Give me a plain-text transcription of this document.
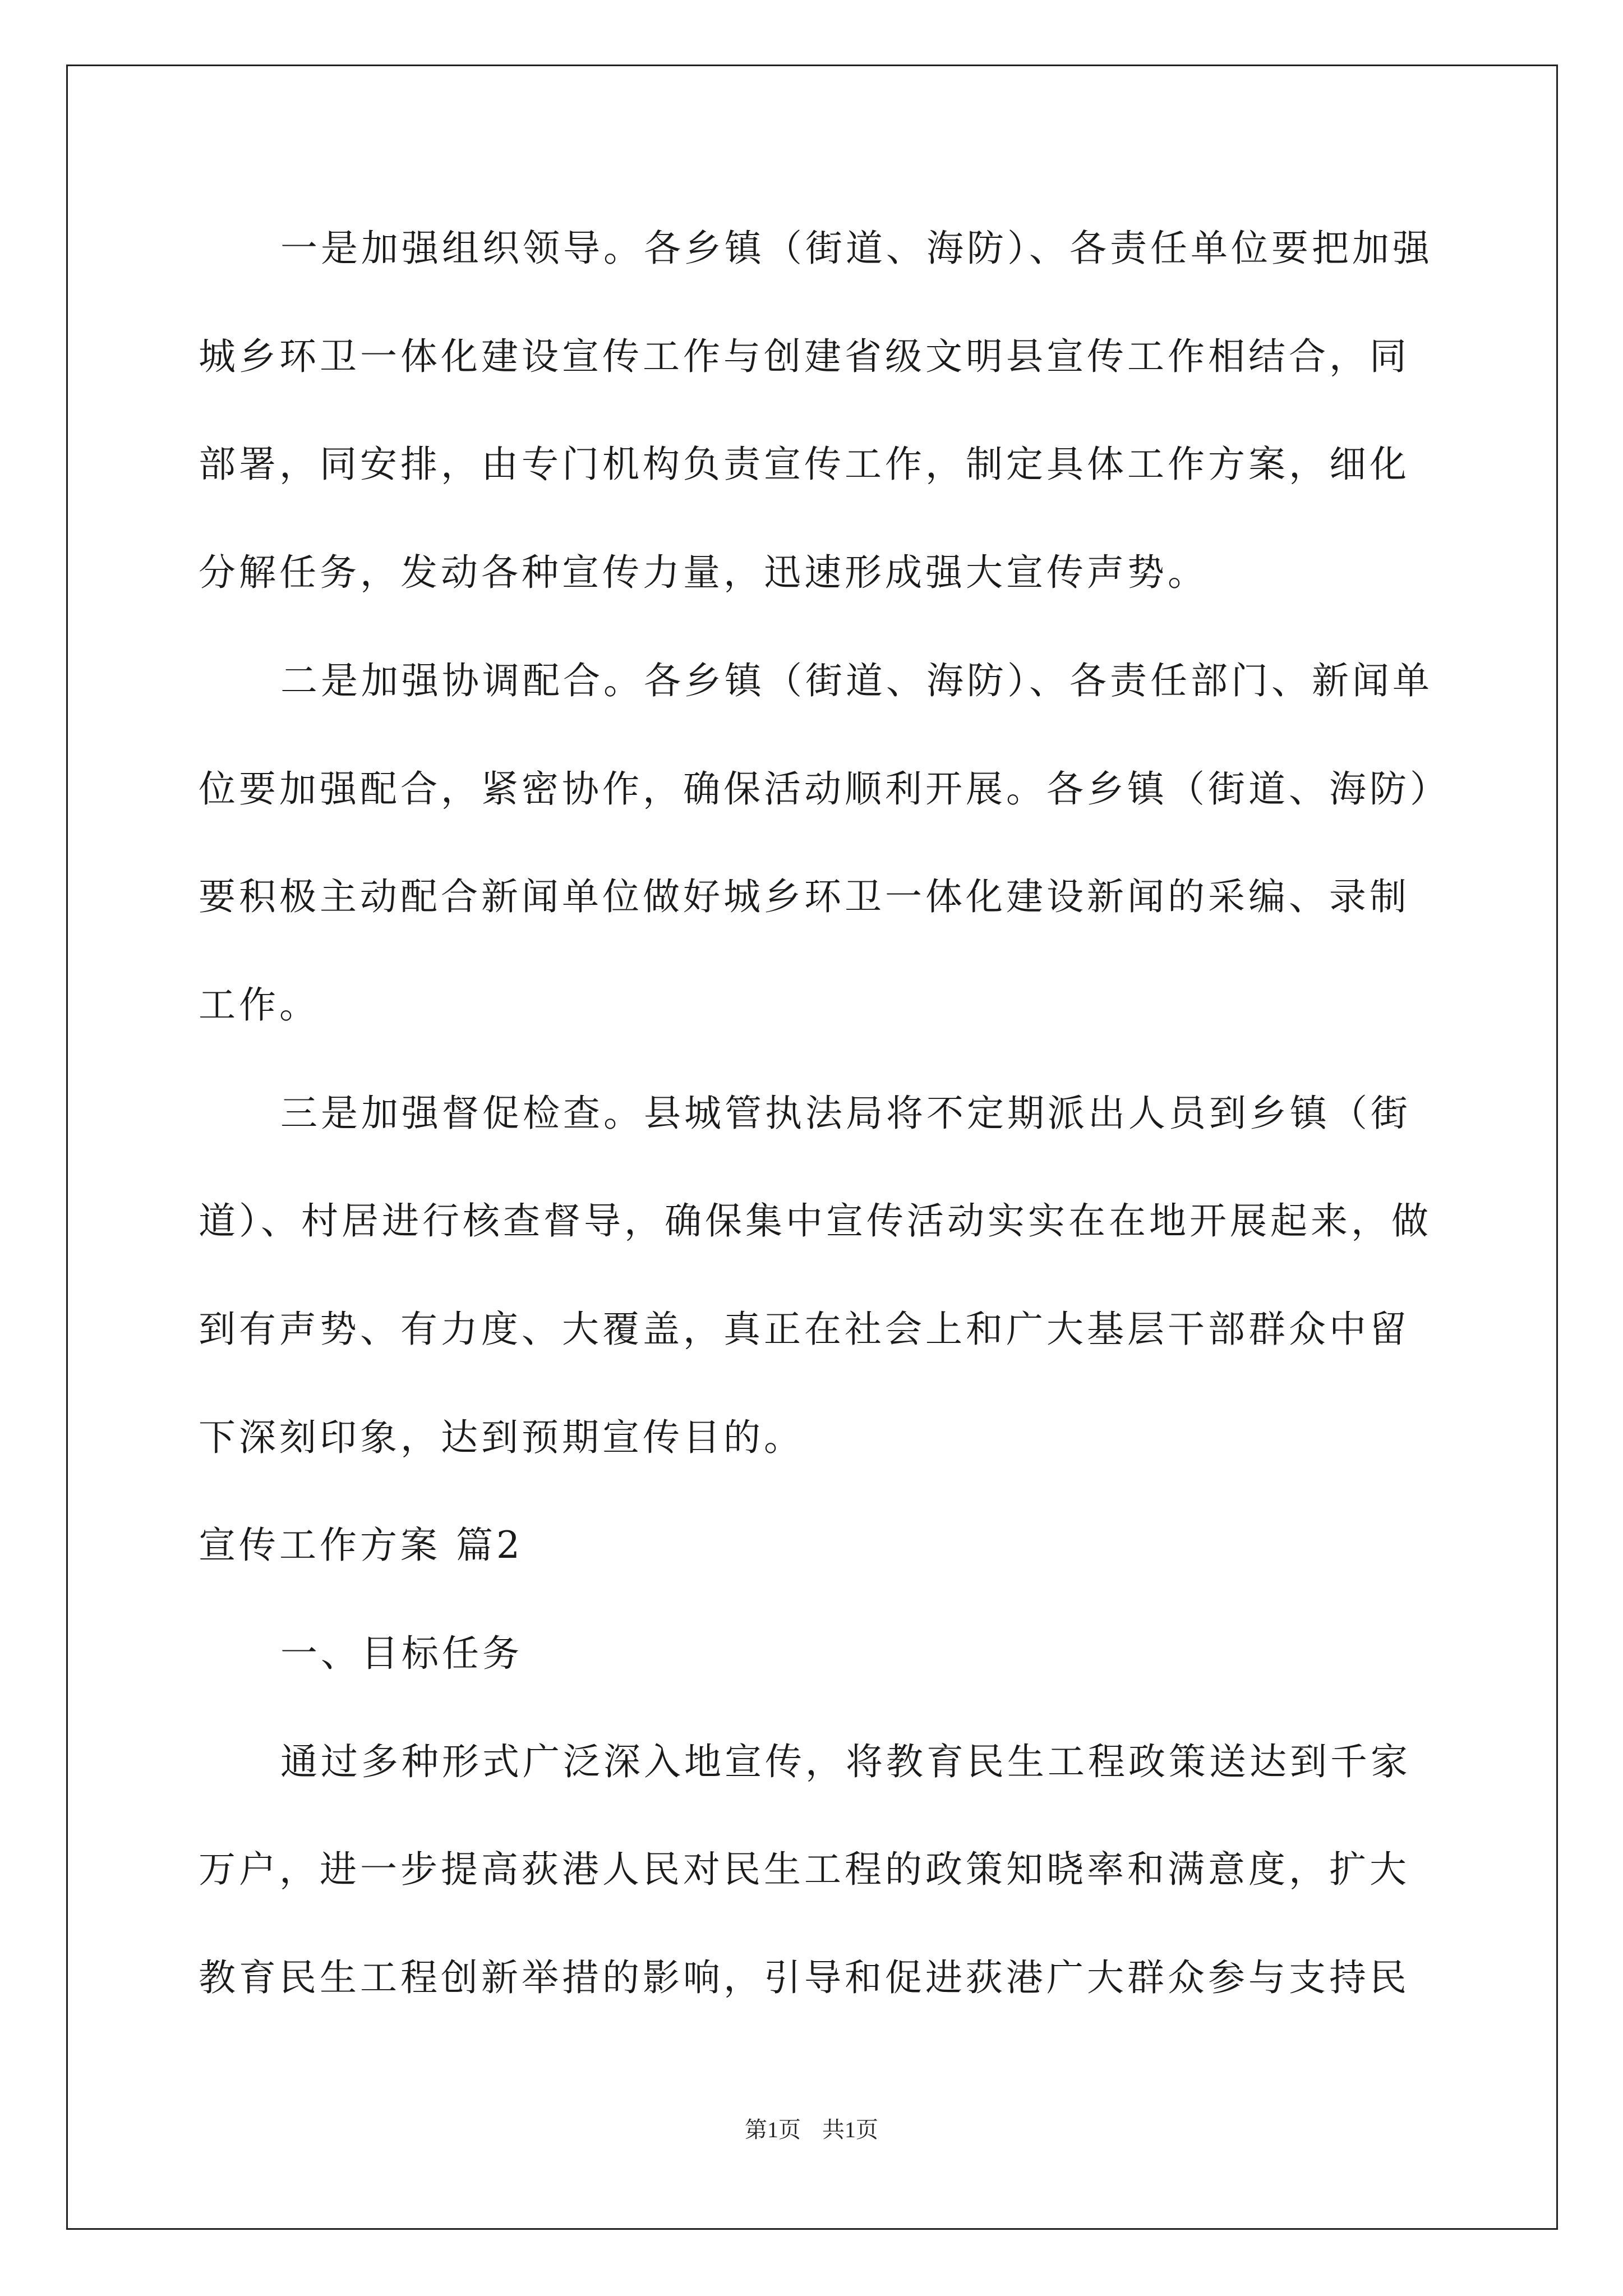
一是加强组织领导。各乡镇（街道、海防）、各责任单位要把加强
城乡环卫一体化建设宣传工作与创建省级文明县宣传工作相结合，同
部署，同安排，由专门机构负责宣传工作，制定具体工作方案，细化
分解任务，发动各种宣传力量，迅速形成强大宣传声势。
二是加强协调配合。各乡镇（街道、海防）、各责任部门、新闻单
位要加强配合，紧密协作，确保活动顺利开展。各乡镇（街道、海防）
要积极主动配合新闻单位做好城乡环卫一体化建设新闻的采编、录制
工作。
三是加强督促检查。县城管执法局将不定期派出人员到乡镇（街
道）、村居进行核查督导，确保集中宣传活动实实在在地开展起来，做
到有声势、有力度、大覆盖，真正在社会上和广大基层干部群众中留
下深刻印象，达到预期宣传目的。
宣传工作方案 篇2
一、目标任务
通过多种形式广泛深入地宣传，将教育民生工程政策送达到千家
万户，进一步提高荻港人民对民生工程的政策知晓率和满意度，扩大
教育民生工程创新举措的影响，引导和促进荻港广大群众参与支持民
第1页 共1页
